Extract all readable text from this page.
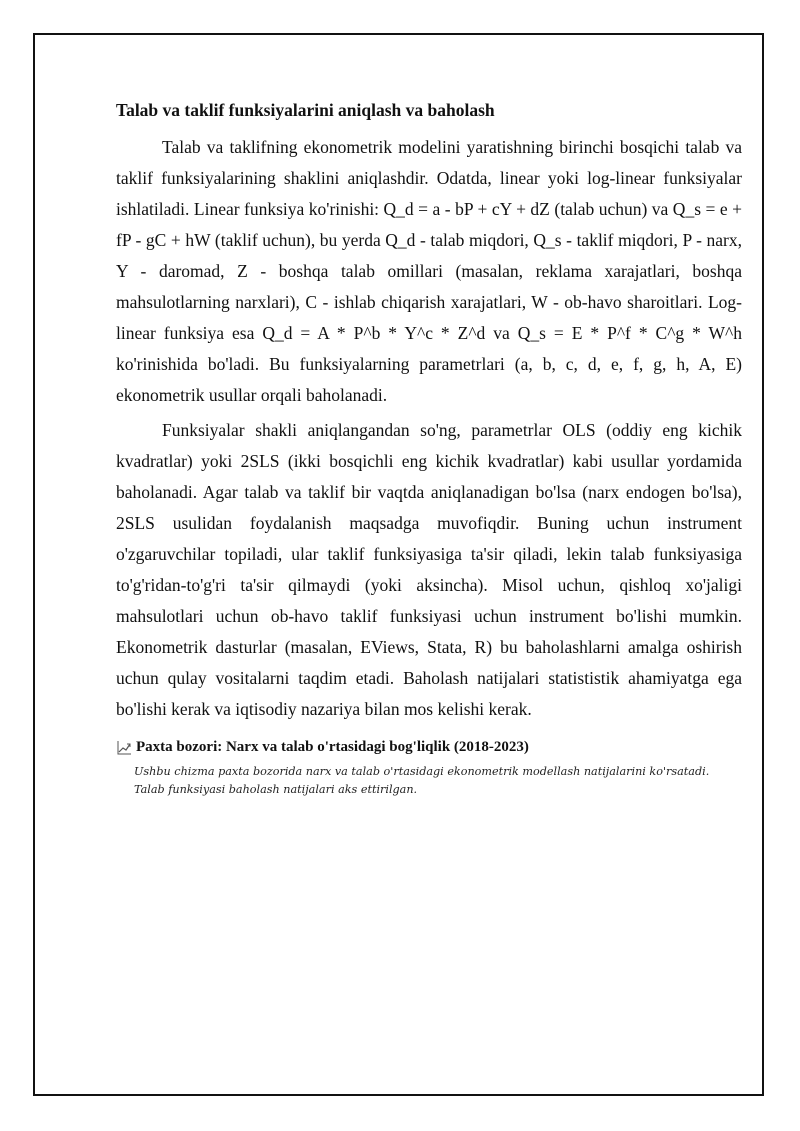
Talab va taklif funksiyalarini aniqlash va baholash

Talab va taklifning ekonometrik modelini yaratishning birinchi bosqichi talab va taklif funksiyalarining shaklini aniqlashdir. Odatda, linear yoki log-linear funksiyalar ishlatiladi. Linear funksiya ko'rinishi: Q_d = a - bP + cY + dZ (talab uchun) va Q_s = e + fP - gC + hW (taklif uchun), bu yerda Q_d - talab miqdori, Q_s - taklif miqdori, P - narx, Y - daromad, Z - boshqa talab omillari (masalan, reklama xarajatlari, boshqa mahsulotlarning narxlari), C - ishlab chiqarish xarajatlari, W - ob-havo sharoitlari. Log-linear funksiya esa Q_d = A * P^b * Y^c * Z^d va Q_s = E * P^f * C^g * W^h ko'rinishida bo'ladi. Bu funksiyalarning parametrlari (a, b, c, d, e, f, g, h, A, E) ekonometrik usullar orqali baholanadi.

Funksiyalar shakli aniqlangandan so'ng, parametrlar OLS (oddiy eng kichik kvadratlar) yoki 2SLS (ikki bosqichli eng kichik kvadratlar) kabi usullar yordamida baholanadi. Agar talab va taklif bir vaqtda aniqlanadigan bo'lsa (narx endogen bo'lsa), 2SLS usulidan foydalanish maqsadga muvofiqdir. Buning uchun instrument o'zgaruvchilar topiladi, ular taklif funksiyasiga ta'sir qiladi, lekin talab funksiyasiga to'g'ridan-to'g'ri ta'sir qilmaydi (yoki aksincha). Misol uchun, qishloq xo'jaligi mahsulotlari uchun ob-havo taklif funksiyasi uchun instrument bo'lishi mumkin. Ekonometrik dasturlar (masalan, EViews, Stata, R) bu baholashlarni amalga oshirish uchun qulay vositalarni taqdim etadi. Baholash natijalari statististik ahamiyatga ega bo'lishi kerak va iqtisodiy nazariya bilan mos kelishi kerak.

Paxta bozori: Narx va talab o'rtasidagi bog'liqlik (2018-2023)
Ushbu chizma paxta bozorida narx va talab o'rtasidagi ekonometrik modellash natijalarini ko'rsatadi. Talab funksiyasi baholash natijalari aks ettirilgan.
